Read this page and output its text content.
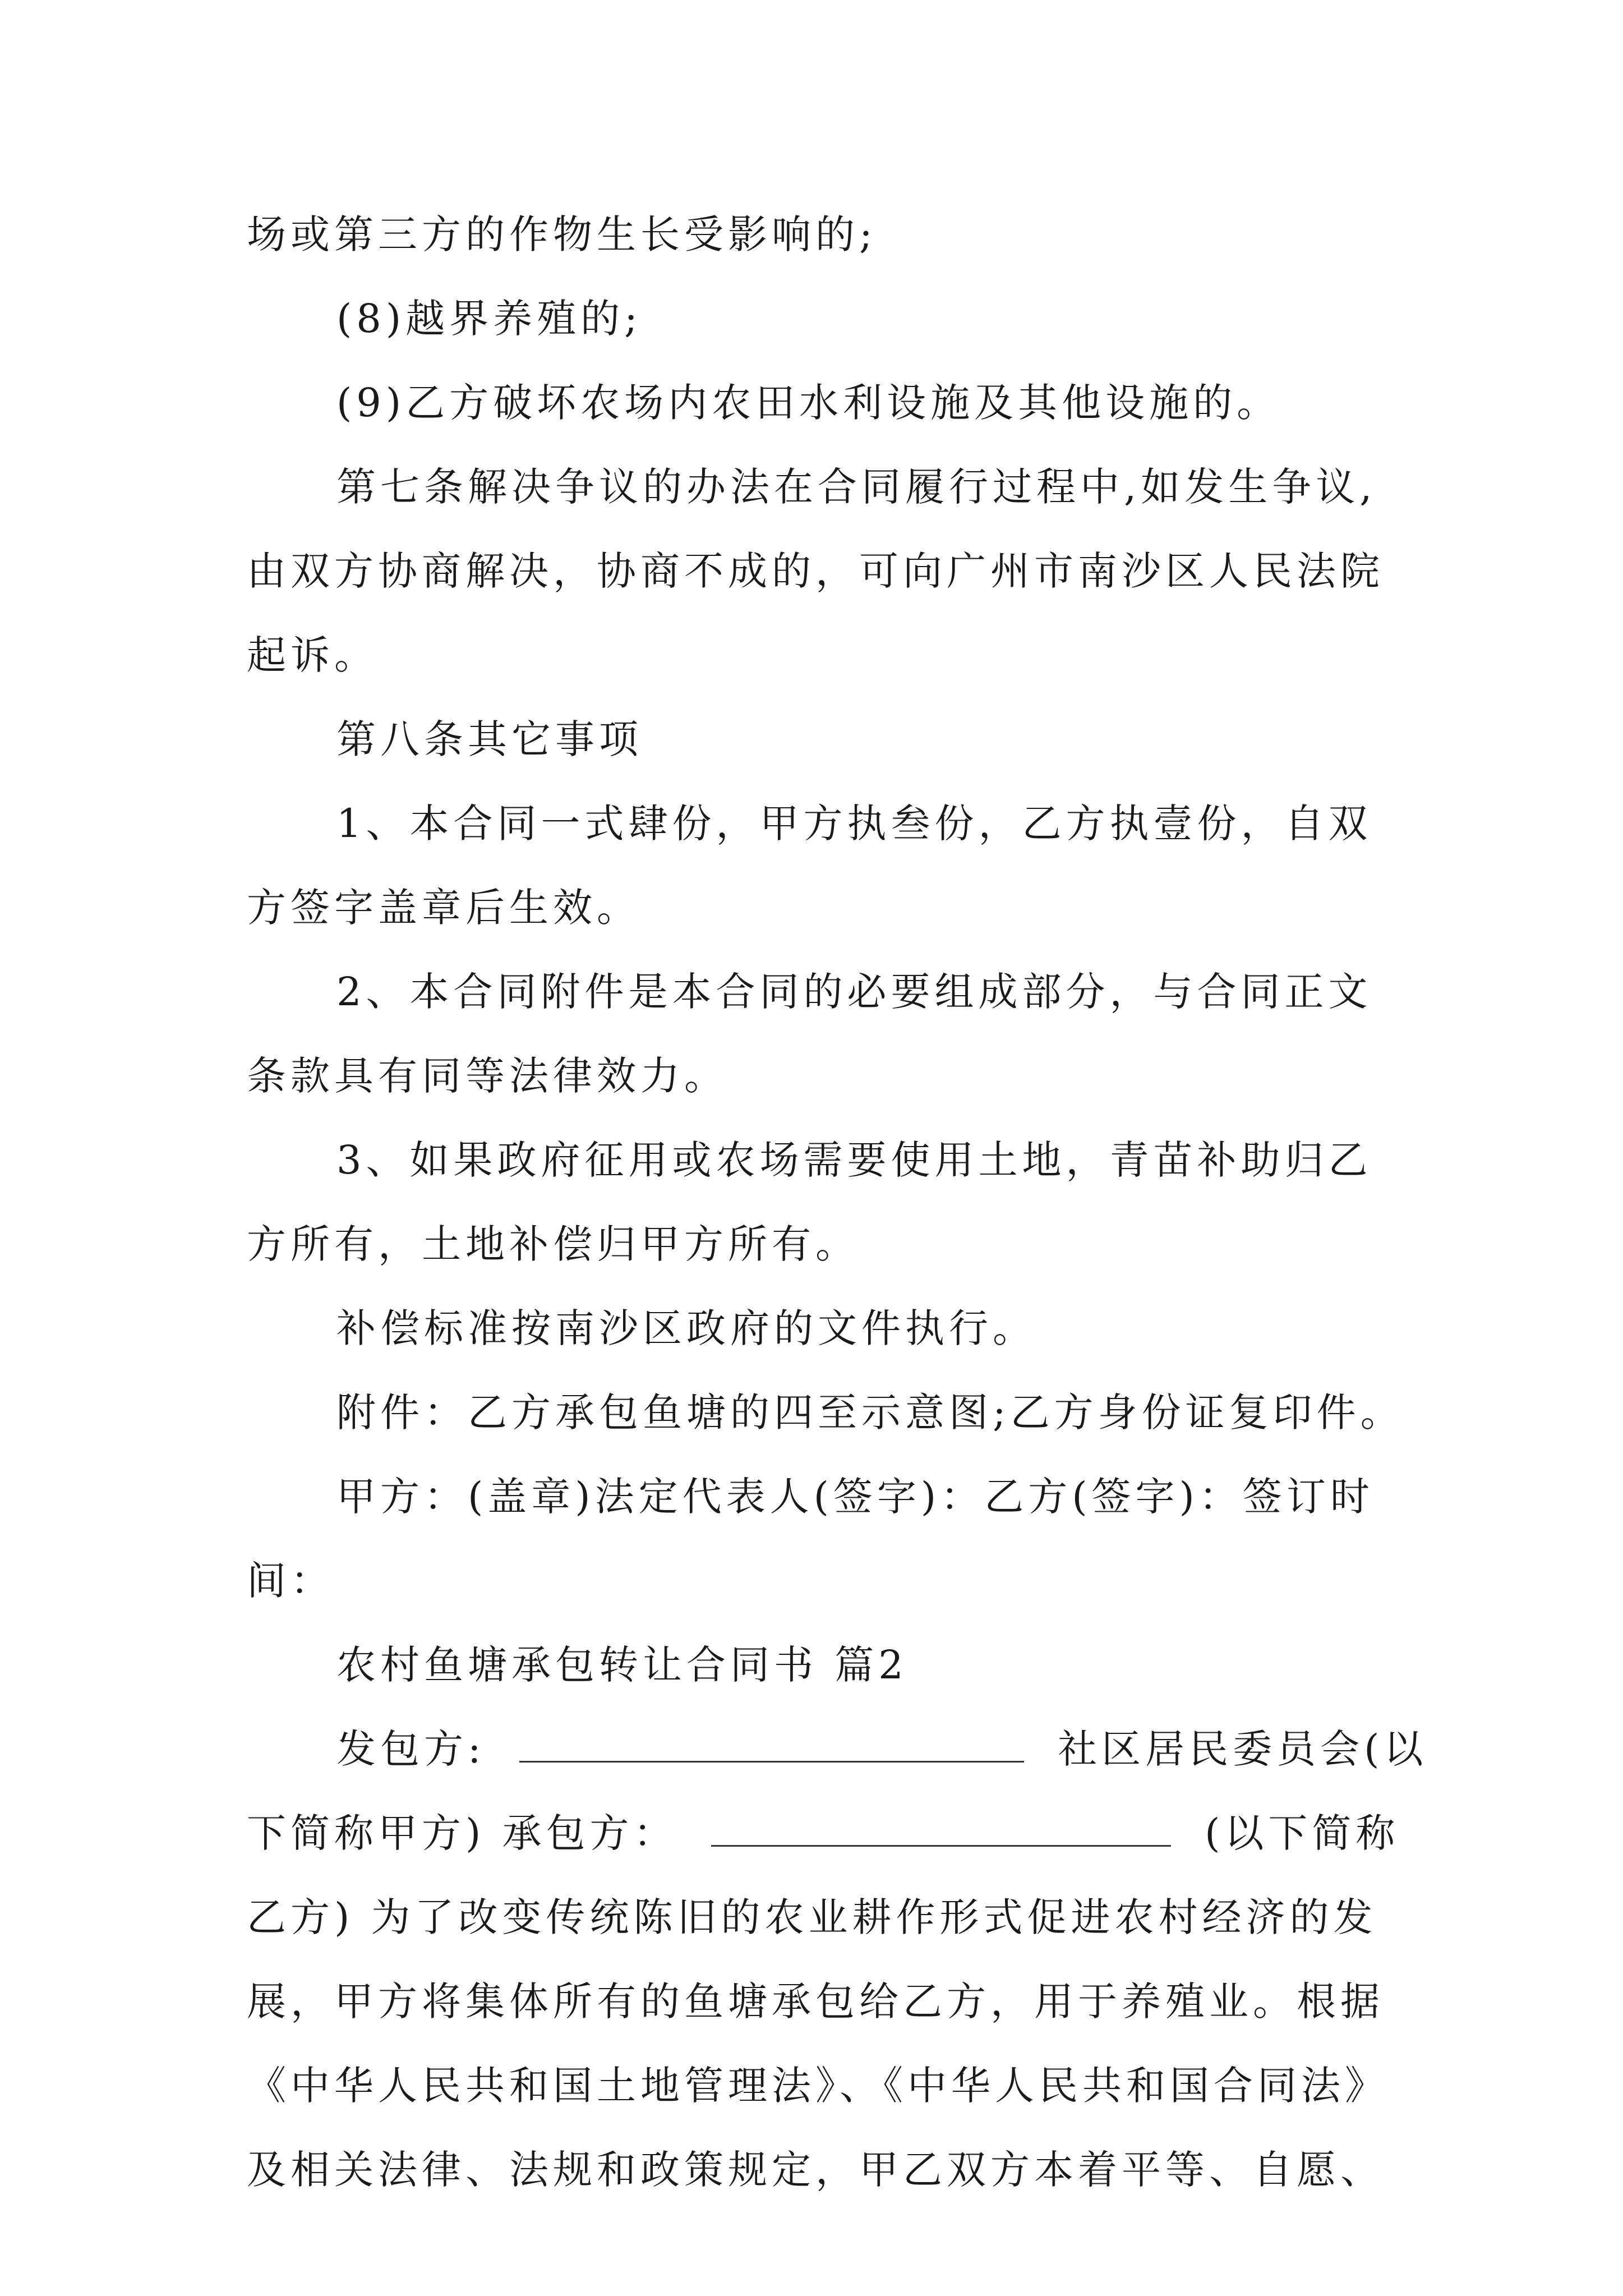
场或第三方的作物生长受影响的;
(8)越界养殖的;
(9)乙方破坏农场内农田水利设施及其他设施的。
第七条解决争议的办法在合同履行过程中,如发生争议,
由双方协商解决，协商不成的，可向广州市南沙区人民法院
起诉。
第八条其它事项
1、本合同一式肆份，甲方执叁份，乙方执壹份，自双
方签字盖章后生效。
2、本合同附件是本合同的必要组成部分，与合同正文
条款具有同等法律效力。
3、如果政府征用或农场需要使用土地，青苗补助归乙
方所有，土地补偿归甲方所有。
补偿标准按南沙区政府的文件执行。
附件：乙方承包鱼塘的四至示意图;乙方身份证复印件。
甲方：(盖章)法定代表人(签字)：乙方(签字)：签订时
间：
农村鱼塘承包转让合同书 篇2
发包方:	社区居民委员会(以
下简称甲方) 承包方：	(以下简称
乙方) 为了改变传统陈旧的农业耕作形式促进农村经济的发
展，甲方将集体所有的鱼塘承包给乙方，用于养殖业。根据
《中华人民共和国土地管理法》、《中华人民共和国合同法》
及相关法律、法规和政策规定，甲乙双方本着平等、自愿、
